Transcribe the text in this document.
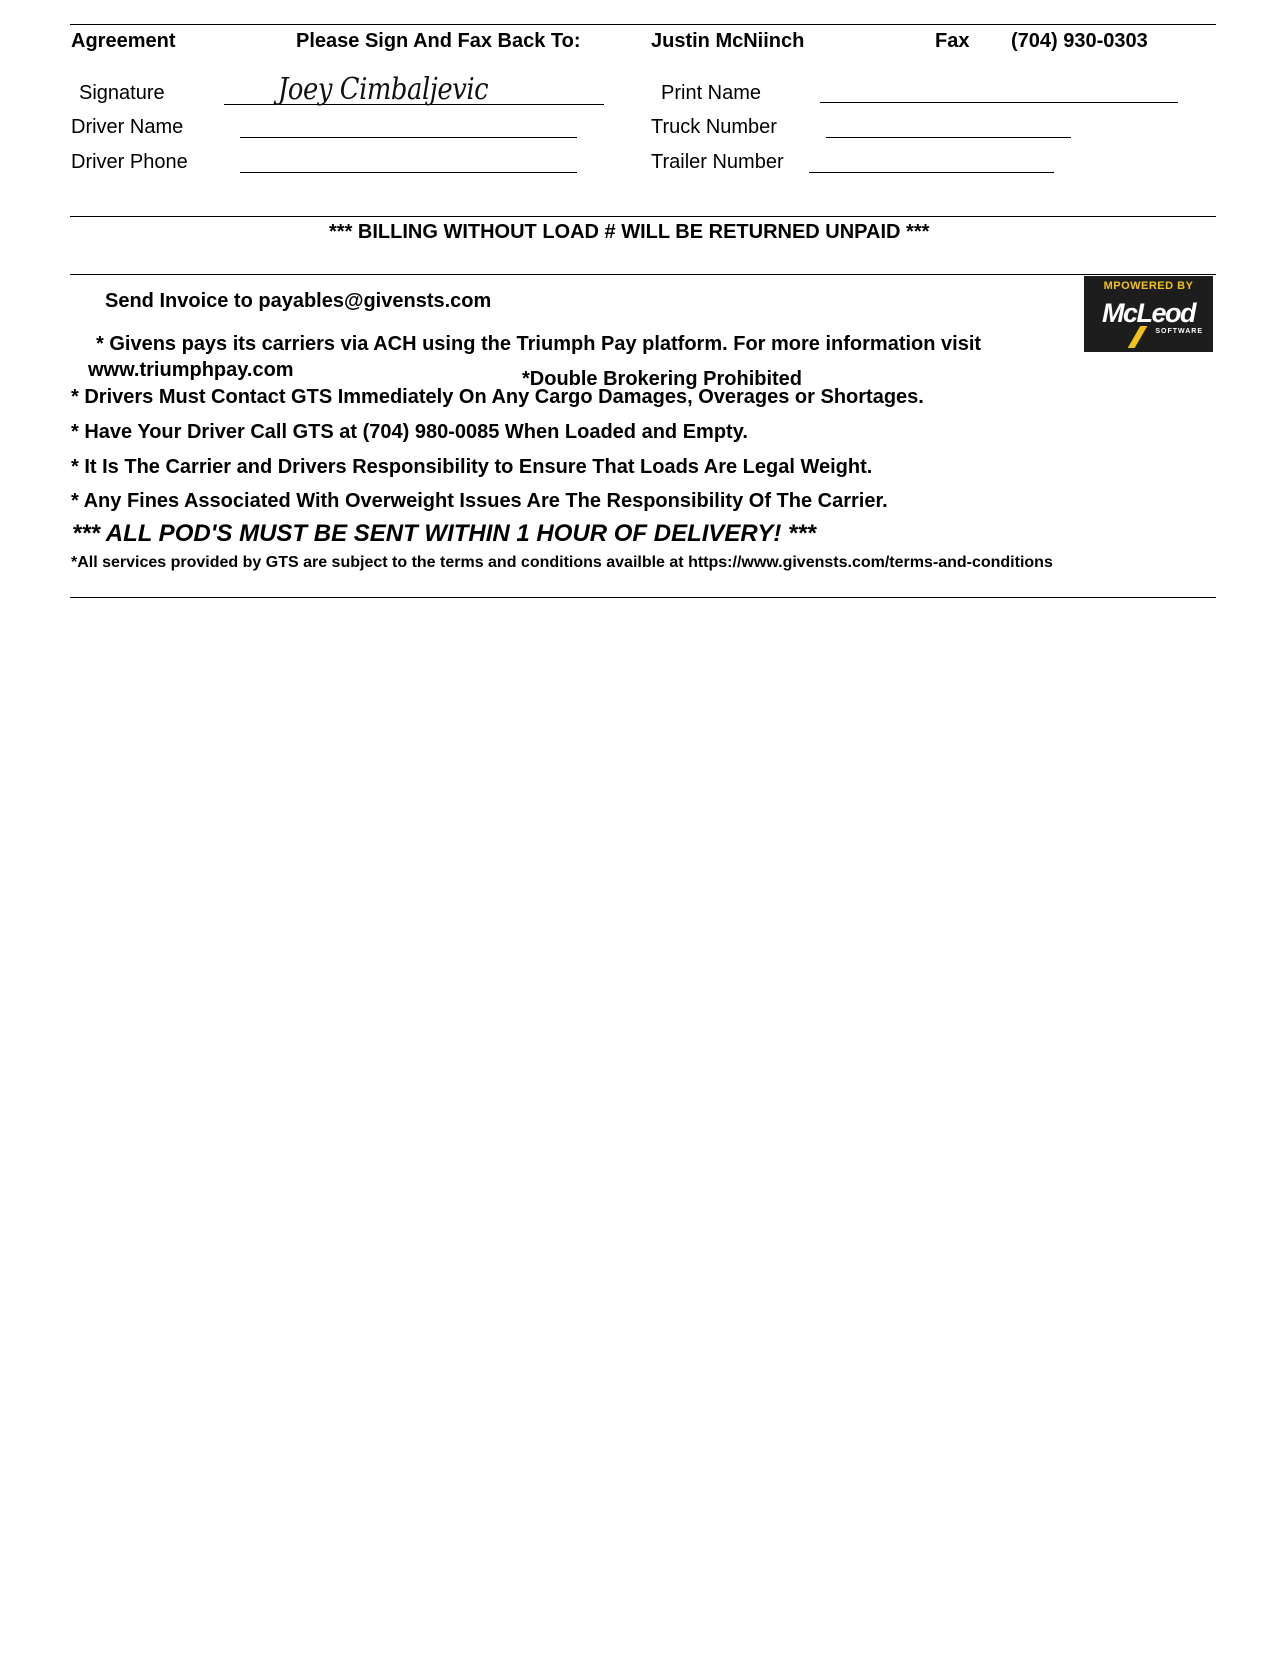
Agreement	Please Sign And Fax Back To:	Justin McNiinch	Fax (704) 930-0303
Signature	Joey Cimbaljevic	Print Name
Driver Name	Truck Number
Driver Phone	Trailer Number
*** BILLING WITHOUT LOAD # WILL BE RETURNED UNPAID ***
MPOWERED BY
McLeod
SOFTWARE
Send Invoice to payables@givensts.com
* Givens pays its carriers via ACH using the Triumph Pay platform. For more information visit
www.triumphpay.com	*Double Brokering Prohibited
* Drivers Must Contact GTS Immediately On Any Cargo Damages, Overages or Shortages.
* Have Your Driver Call GTS at (704) 980-0085 When Loaded and Empty.
* It Is The Carrier and Drivers Responsibility to Ensure That Loads Are Legal Weight.
* Any Fines Associated With Overweight Issues Are The Responsibility Of The Carrier.
*** ALL POD'S MUST BE SENT WITHIN 1 HOUR OF DELIVERY! ***
*All services provided by GTS are subject to the terms and conditions availble at https://www.givensts.com/terms-and-conditions
